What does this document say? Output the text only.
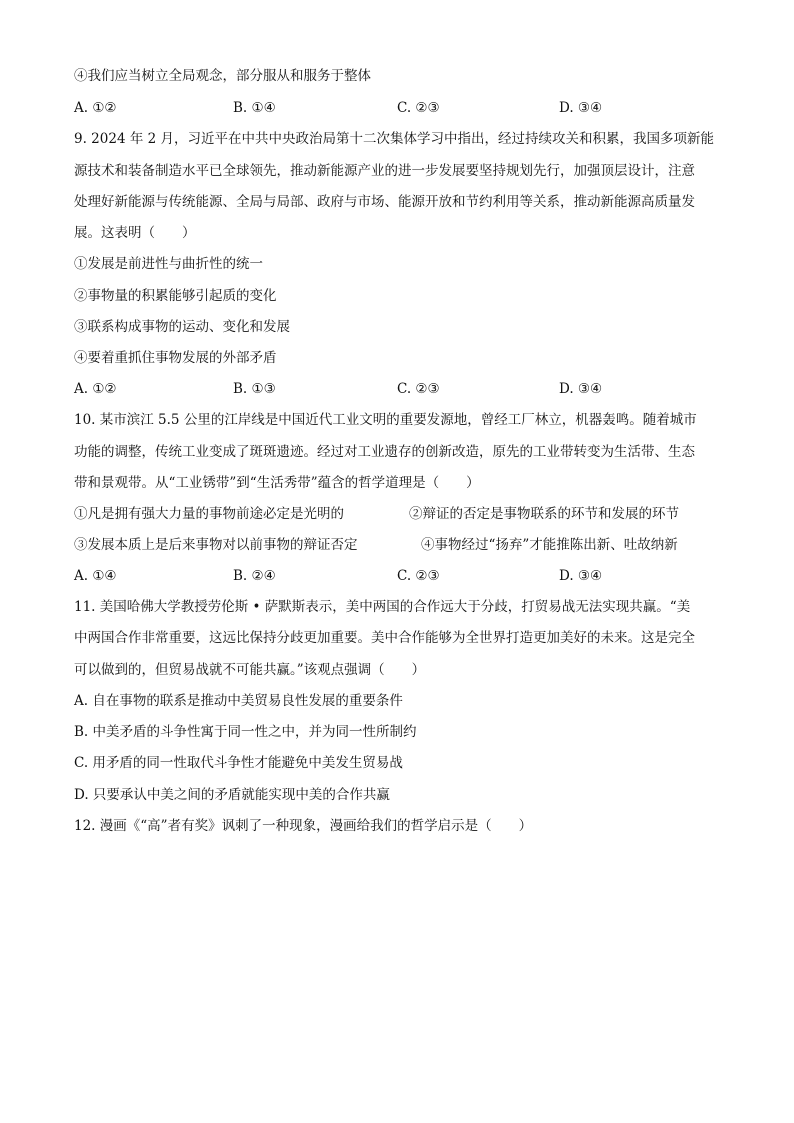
④我们应当树立全局观念，部分服从和服务于整体
A. ①②	B. ①④	C. ②③	D. ③④
9. 2024 年 2 月，习近平在中共中央政治局第十二次集体学习中指出，经过持续攻关和积累，我国多项新能
源技术和装备制造水平已全球领先，推动新能源产业的进一步发展要坚持规划先行，加强顶层设计，注意
处理好新能源与传统能源、全局与局部、政府与市场、能源开放和节约利用等关系，推动新能源高质量发
展。这表明（　　）
①发展是前进性与曲折性的统一
②事物量的积累能够引起质的变化
③联系构成事物的运动、变化和发展
④要着重抓住事物发展的外部矛盾
A. ①②	B. ①③	C. ②③	D. ③④
10. 某市滨江 5.5 公里的江岸线是中国近代工业文明的重要发源地，曾经工厂林立，机器轰鸣。随着城市
功能的调整，传统工业变成了斑斑遗迹。经过对工业遗存的创新改造，原先的工业带转变为生活带、生态
带和景观带。从“工业锈带”到“生活秀带”蕴含的哲学道理是（　　）
①凡是拥有强大力量的事物前途必定是光明的	②辩证的否定是事物联系的环节和发展的环节
③发展本质上是后来事物对以前事物的辩证否定	④事物经过“扬弃”才能推陈出新、吐故纳新
A. ①④	B. ②④	C. ②③	D. ③④
11. 美国哈佛大学教授劳伦斯 • 萨默斯表示，美中两国的合作远大于分歧，打贸易战无法实现共赢。“美
中两国合作非常重要，这远比保持分歧更加重要。美中合作能够为全世界打造更加美好的未来。这是完全
可以做到的，但贸易战就不可能共赢。”该观点强调（　　）
A. 自在事物的联系是推动中美贸易良性发展的重要条件
B. 中美矛盾的斗争性寓于同一性之中，并为同一性所制约
C. 用矛盾的同一性取代斗争性才能避免中美发生贸易战
D. 只要承认中美之间的矛盾就能实现中美的合作共赢
12. 漫画《“高”者有奖》讽刺了一种现象，漫画给我们的哲学启示是（　　）
